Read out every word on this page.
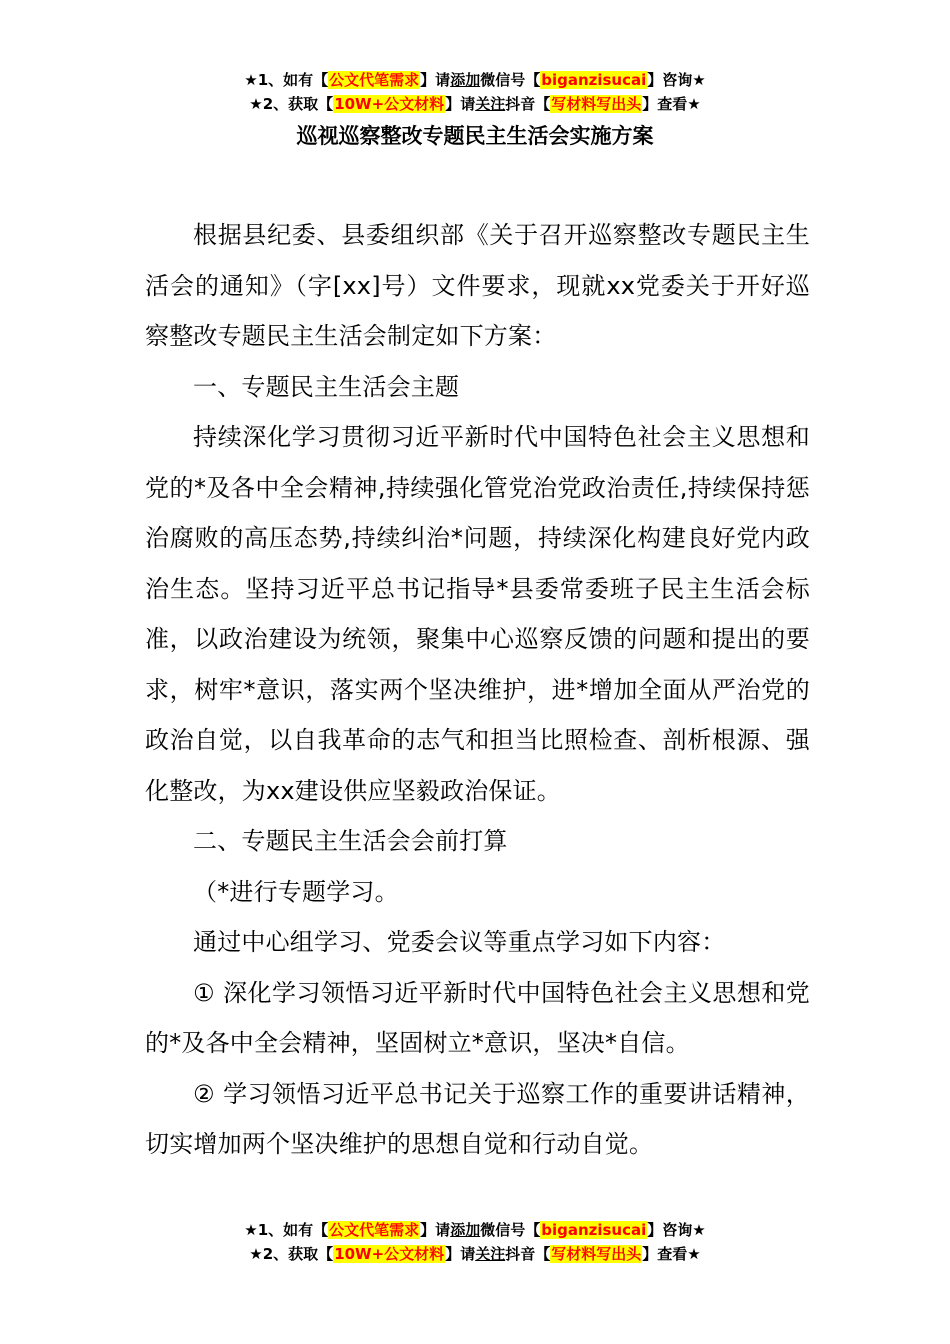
★1、如有【公文代笔需求】请添加微信号【biganzisucai】咨询★
★2、获取【10W+公文材料】请关注抖音【写材料写出头】查看★
巡视巡察整改专题民主生活会实施方案

根据县纪委、县委组织部《关于召开巡察整改专题民主生活会的通知》（字[xx]号）文件要求，现就xx党委关于开好巡察整改专题民主生活会制定如下方案：

一、专题民主生活会主题

持续深化学习贯彻习近平新时代中国特色社会主义思想和党的*及各中全会精神,持续强化管党治党政治责任,持续保持惩治腐败的高压态势,持续纠治*问题，持续深化构建良好党内政治生态。坚持习近平总书记指导*县委常委班子民主生活会标准，以政治建设为统领，聚集中心巡察反馈的问题和提出的要求，树牢*意识，落实两个坚决维护，进*增加全面从严治党的政治自觉，以自我革命的志气和担当比照检查、剖析根源、强化整改，为xx建设供应坚毅政治保证。

二、专题民主生活会会前打算

（*进行专题学习。

通过中心组学习、党委会议等重点学习如下内容：

① 深化学习领悟习近平新时代中国特色社会主义思想和党的*及各中全会精神，坚固树立*意识，坚决*自信。

② 学习领悟习近平总书记关于巡察工作的重要讲话精神，切实增加两个坚决维护的思想自觉和行动自觉。

★1、如有【公文代笔需求】请添加微信号【biganzisucai】咨询★
★2、获取【10W+公文材料】请关注抖音【写材料写出头】查看★
